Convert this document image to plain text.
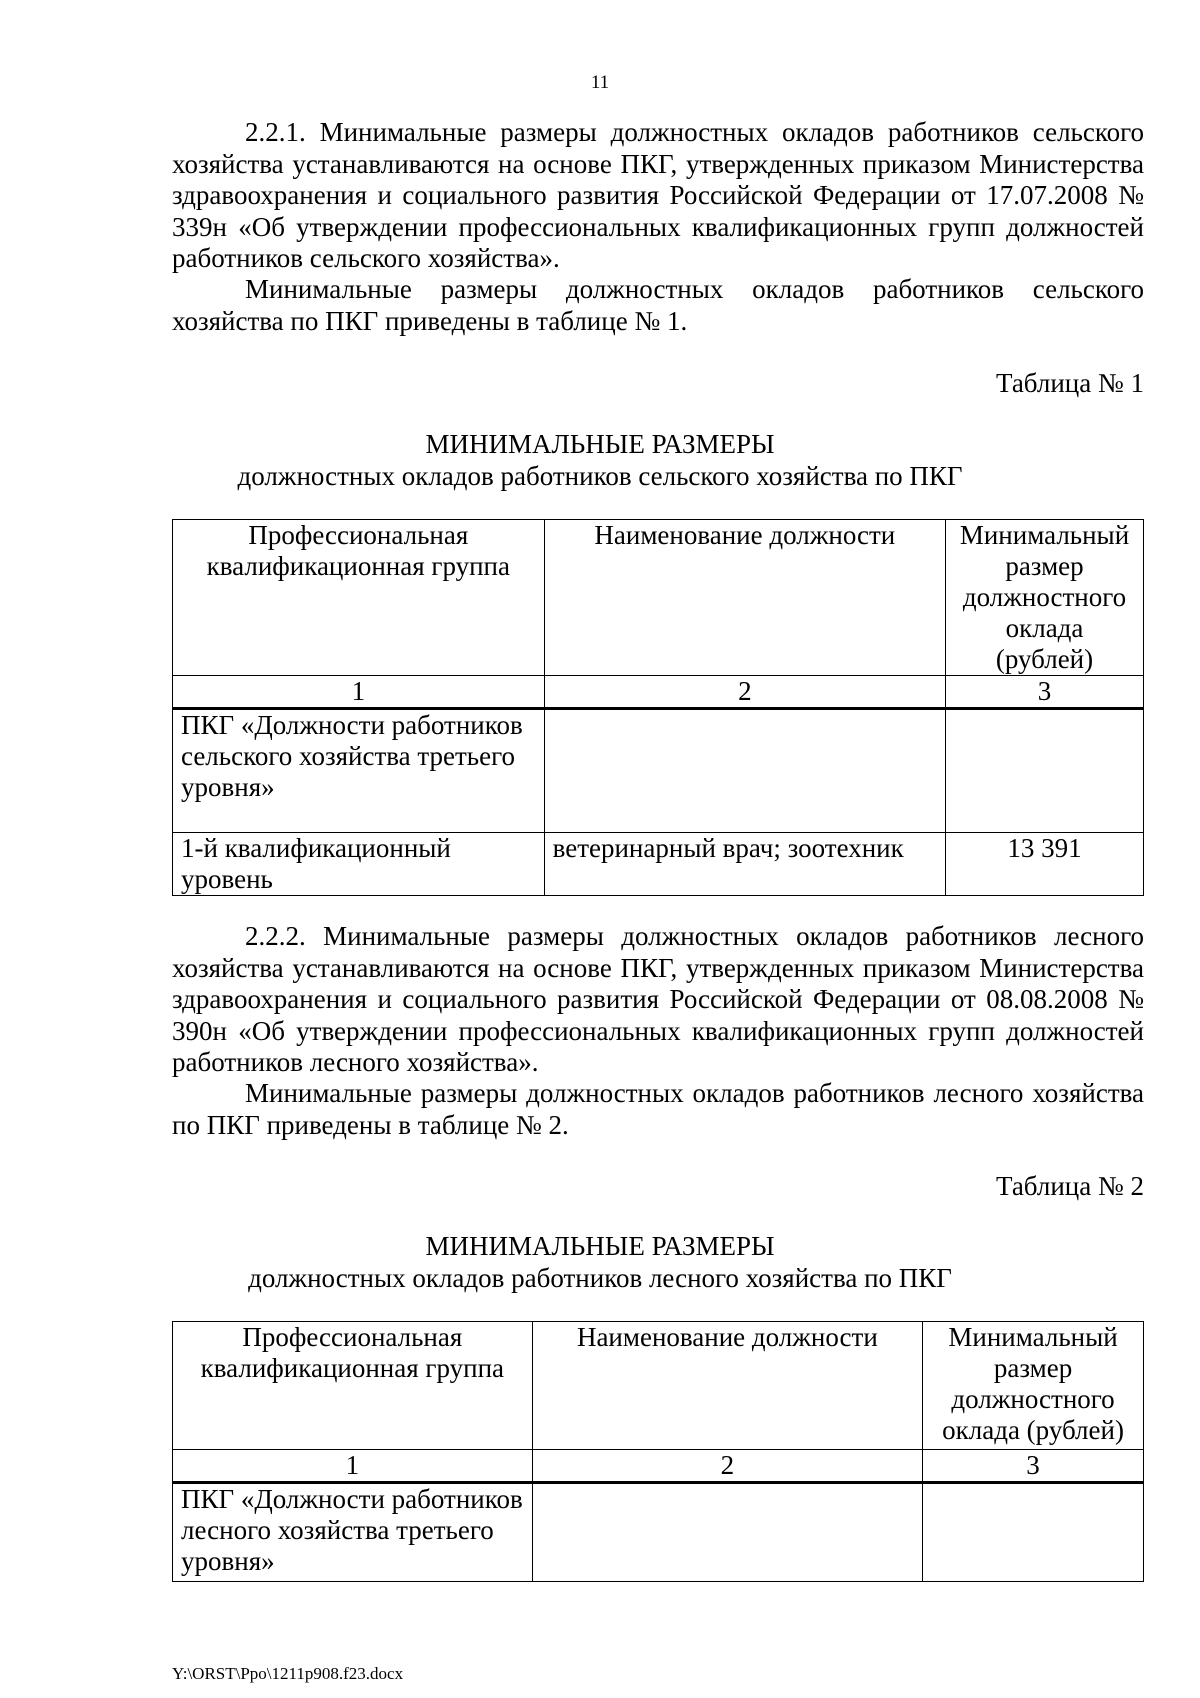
11

2.2.1. Минимальные размеры должностных окладов работников сельского хозяйства устанавливаются на основе ПКГ, утвержденных приказом Министерства здравоохранения и социального развития Российской Федерации от 17.07.2008 № 339н «Об утверждении профессиональных квалификационных групп должностей работников сельского хозяйства».

Минимальные размеры должностных окладов работников сельского хозяйства по ПКГ приведены в таблице № 1.

Таблица № 1
МИНИМАЛЬНЫЕ РАЗМЕРЫ
должностных окладов работников сельского хозяйства по ПКГ
Профессиональная квалификационная группа	Наименование должности	Минимальный размер должностного оклада (рублей)
1	2	3
ПКГ «Должности работников сельского хозяйства третьего уровня»		
1-й квалификационный уровень	ветеринарный врач; зоотехник	13 391

2.2.2. Минимальные размеры должностных окладов работников лесного хозяйства устанавливаются на основе ПКГ, утвержденных приказом Министерства здравоохранения и социального развития Российской Федерации от 08.08.2008 № 390н «Об утверждении профессиональных квалификационных групп должностей работников лесного хозяйства».

Минимальные размеры должностных окладов работников лесного хозяйства по ПКГ приведены в таблице № 2.

Таблица № 2
МИНИМАЛЬНЫЕ РАЗМЕРЫ
должностных окладов работников лесного хозяйства по ПКГ
Профессиональная квалификационная группа	Наименование должности	Минимальный размер должностного оклада (рублей)
1	2	3
ПКГ «Должности работников лесного хозяйства третьего уровня»		
Y:\ORST\Ppo\1211p908.f23.docx
